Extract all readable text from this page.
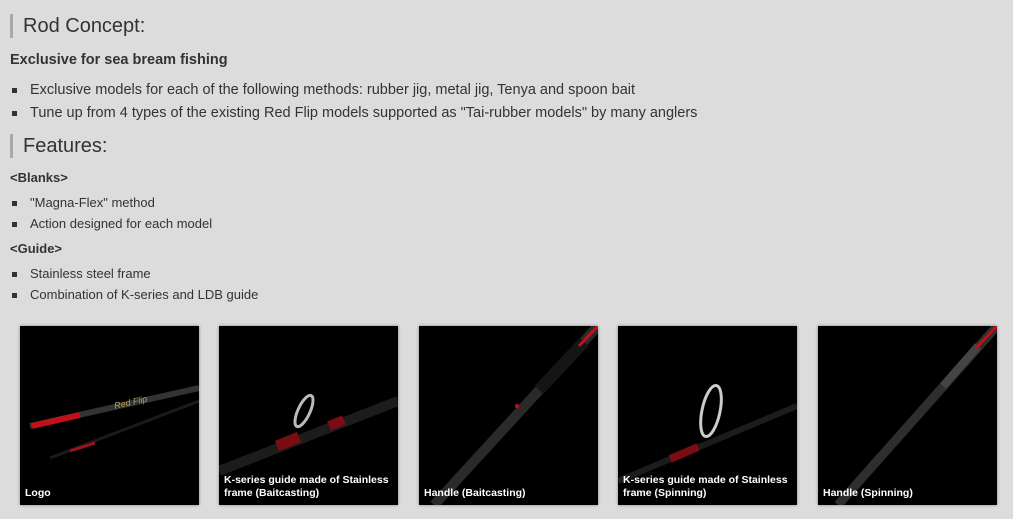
Rod Concept:
Exclusive for sea bream fishing
Exclusive models for each of the following methods: rubber jig, metal jig, Tenya and spoon bait
Tune up from 4 types of the existing Red Flip models supported as "Tai-rubber models" by many anglers
Features:
<Blanks>
"Magna-Flex" method
Action designed for each model
<Guide>
Stainless steel frame
Combination of K-series and LDB guide
Red Flip
Logo
K-series guide made of Stainless frame (Baitcasting)	Handle (Baitcasting)
K-series guide made of Stainless frame (Spinning)	Handle (Spinning)
